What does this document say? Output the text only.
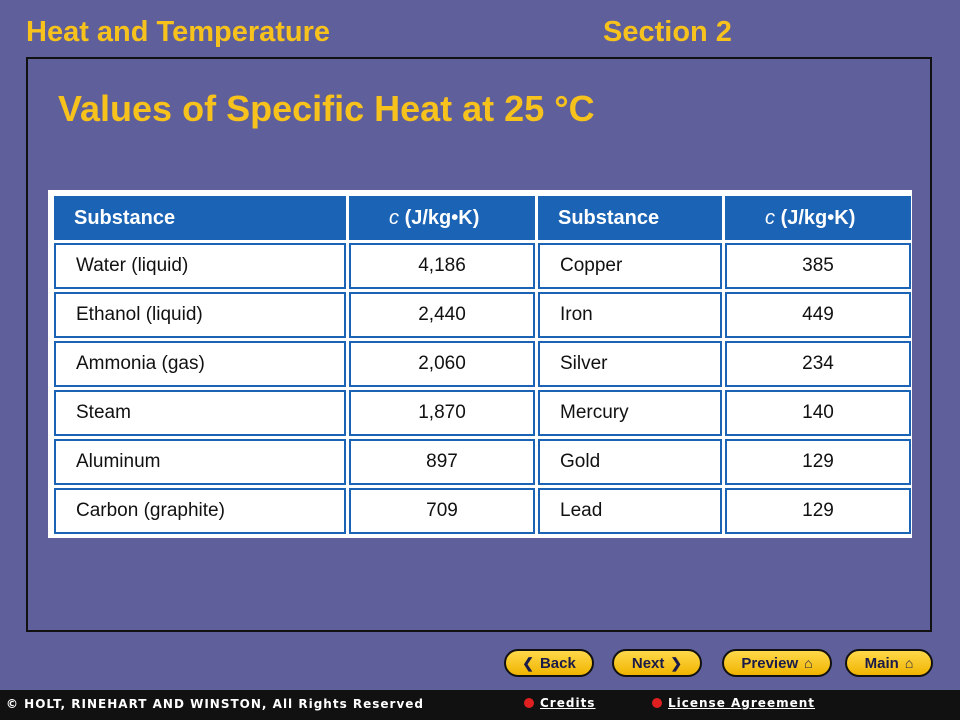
Heat and Temperature	Section 2
Values of Specific Heat at 25 °C
Substance	c (J/kg•K)	Substance	c (J/kg•K)
Water (liquid)	4,186	Copper	385
Ethanol (liquid)	2,440	Iron	449
Ammonia (gas)	2,060	Silver	234
Steam	1,870	Mercury	140
Aluminum	897	Gold	129
Carbon (graphite)	709	Lead	129
❮ Back	Next ❯	Preview ⌂	Main ⌂
© HOLT, RINEHART AND WINSTON, All Rights Reserved	Credits	License Agreement
